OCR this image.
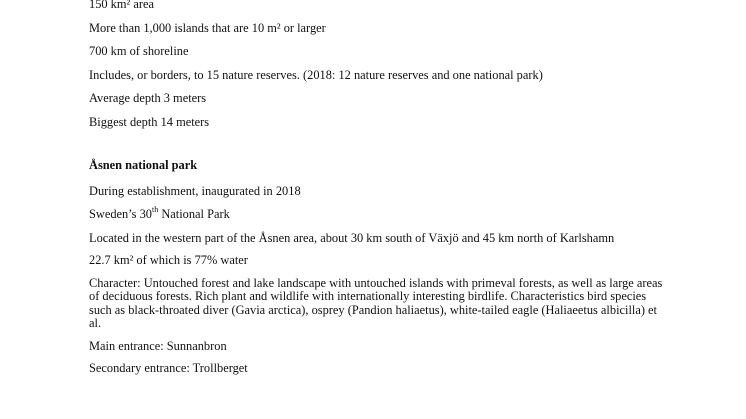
150 km² area

More than 1,000 islands that are 10 m² or larger

700 km of shoreline

Includes, or borders, to 15 nature reserves. (2018: 12 nature reserves and one national park)

Average depth 3 meters

Biggest depth 14 meters

Åsnen national park

During establishment, inaugurated in 2018

Sweden’s 30th National Park

Located in the western part of the Åsnen area, about 30 km south of Växjö and 45 km north of Karlshamn

22.7 km² of which is 77% water

Character: Untouched forest and lake landscape with untouched islands with primeval forests, as well as large areas of deciduous forests. Rich plant and wildlife with internationally interesting birdlife. Characteristics bird species such as black-throated diver (Gavia arctica), osprey (Pandion haliaetus), white-tailed eagle (Haliaeetus albicilla) et al.

Main entrance: Sunnanbron

Secondary entrance: Trollberget
